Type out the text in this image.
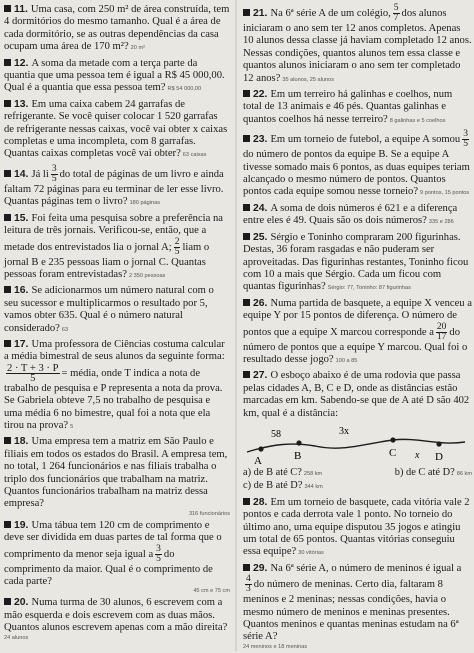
11. Uma casa, com 250 m² de área construída, tem 4 dormitórios do mesmo tamanho. Qual é a área de cada dormitório, se as outras dependências da casa ocupam uma área de 170 m²? 20 m²
12. A soma da metade com a terça parte da quantia que uma pessoa tem é igual a R$ 45 000,00. Qual é a quantia que essa pessoa tem? R$ 54 000,00
13. Em uma caixa cabem 24 garrafas de refrigerante. Se você quiser colocar 1 520 garrafas de refrigerante nessas caixas, você vai obter x caixas completas e uma incompleta, com 8 garrafas. Quantas caixas completas você vai obter? 63 caixas
14. Já li $\frac{3}{5}$ do total de páginas de um livro e ainda faltam 72 páginas para eu terminar de ler esse livro. Quantas páginas tem o livro? 180 páginas
15. Foi feita uma pesquisa sobre a preferência na leitura de três jornais. Verificou-se, então, que a metade dos entrevistados lia o jornal A; $\frac{2}{5}$ liam o jornal B e 235 pessoas liam o jornal C. Quantas pessoas foram entrevistadas? 2 350 pessoas
16. Se adicionarmos um número natural com o seu sucessor e multiplicarmos o resultado por 5, vamos obter 635. Qual é o número natural considerado? 63
17. Uma professora de Ciências costuma calcular a média bimestral de seus alunos da seguinte forma:
$\frac{2 \cdot T + 3 \cdot P}{5}$ = média, onde T indica a nota de trabalho de pesquisa e P representa a nota da prova. Se Gabriela obteve 7,5 no trabalho de pesquisa e uma média 6 no bimestre, qual foi a nota que ela tirou na prova? 5
18. Uma empresa tem a matriz em São Paulo e filiais em todos os estados do Brasil. A empresa tem, no total, 1 264 funcionários e nas filiais trabalha o triplo dos funcionários que trabalham na matriz. Quantos funcionários trabalham na matriz dessa empresa?
316 funcionários
19. Uma tábua tem 120 cm de comprimento e deve ser dividida em duas partes de tal forma que o comprimento da menor seja igual a $\frac{3}{5}$ do comprimento da maior. Qual é o comprimento de cada parte?
45 cm e 75 cm
20. Numa turma de 30 alunos, 6 escrevem com a mão esquerda e dois escrevem com as duas mãos. Quantos alunos escrevem apenas com a mão direita?
24 alunos
21. Na 6ª série A de um colégio, $\frac{5}{7}$ dos alunos iniciaram o ano sem ter 12 anos completos. Apenas 10 alunos dessa classe já haviam completado 12 anos. Nessas condições, quantos alunos tem essa classe e quantos alunos iniciaram o ano sem ter completado 12 anos? 35 alunos, 25 alunos
22. Em um terreiro há galinhas e coelhos, num total de 13 animais e 46 pés. Quantas galinhas e quantos coelhos há nesse terreiro? 8 galinhas e 5 coelhos
23. Em um torneio de futebol, a equipe A somou $\frac{3}{5}$
do número de pontos da equipe B. Se a equipe A tivesse somado mais 6 pontos, as duas equipes teriam alcançado o mesmo número de pontos. Quantos pontos cada equipe somou nesse torneio? 9 pontos, 15 pontos
24. A soma de dois números é 621 e a diferença entre eles é 49. Quais são os dois números? 335 e 286
25. Sérgio e Toninho compraram 200 figurinhas. Destas, 36 foram rasgadas e não puderam ser aproveitadas. Das figurinhas restantes, Toninho ficou com 10 a mais que Sérgio. Cada um ficou com quantas figurinhas? Sérgio: 77, Toninho: 87 figurinhas
26. Numa partida de basquete, a equipe X venceu a equipe Y por 15 pontos de diferença. O número de pontos que a equipe X marcou corresponde a $\frac{20}{17}$ do número de pontos que a equipe Y marcou. Qual foi o resultado desse jogo? 100 a 85
27. O esboço abaixo é de uma rodovia que passa pelas cidades A, B, C e D, onde as distâncias estão marcadas em km. Sabendo-se que de A até D são 402 km, qual é a distância:
A	B	C	D
58	3x
x
a) de B até C? 258 km	b) de C até D? 86 km
c) de B até D? 344 km
28. Em um torneio de basquete, cada vitória vale 2 pontos e cada derrota vale 1 ponto. No torneio do último ano, uma equipe disputou 35 jogos e atingiu um total de 65 pontos. Quantas vitórias conseguiu essa equipe? 30 vitórias
29. Na 6ª série A, o número de meninos é igual a
$\frac{4}{3}$ do número de meninas. Certo dia, faltaram 8 meninos e 2 meninas; nessas condições, havia o mesmo número de meninos e meninas presentes. Quantos meninos e quantas meninas estudam na 6ª série A?
24 meninos e 18 meninas
